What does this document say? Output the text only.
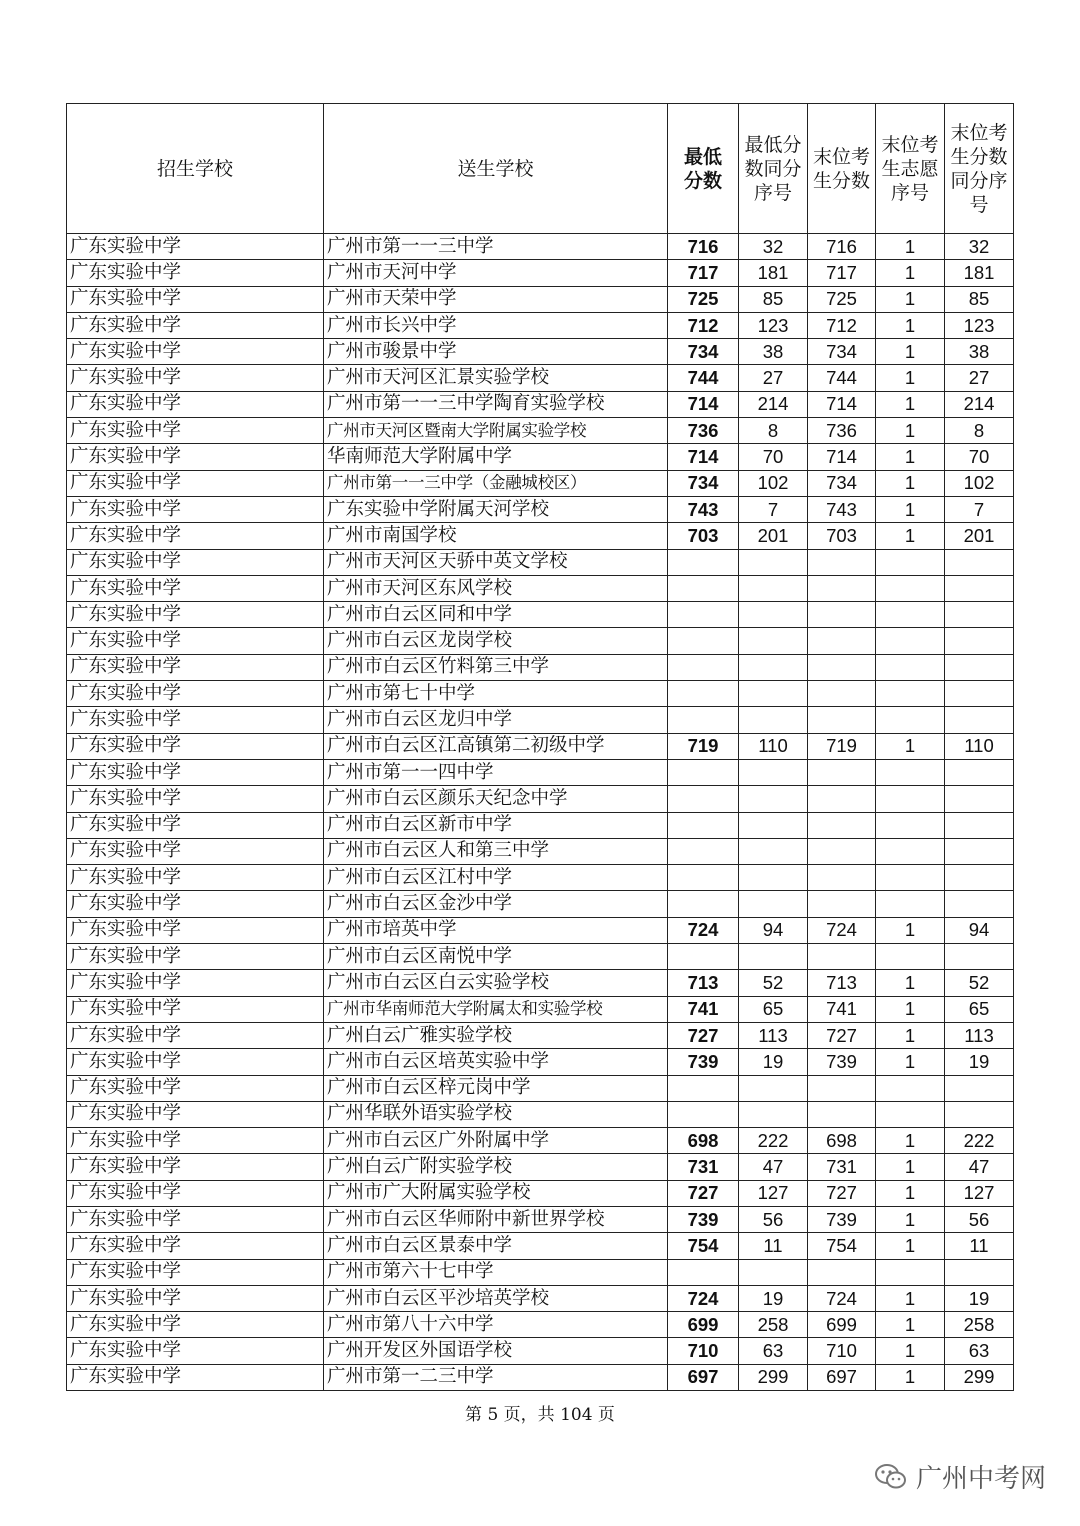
招生学校	送生学校	最低分数	最低分数同分序号	末位考生分数	末位考生志愿序号	末位考生分数同分序号

广东实验中学	广州市第一一三中学	716	32	716	1	32
广东实验中学	广州市天河中学	717	181	717	1	181
广东实验中学	广州市天荣中学	725	85	725	1	85
广东实验中学	广州市长兴中学	712	123	712	1	123
广东实验中学	广州市骏景中学	734	38	734	1	38
广东实验中学	广州市天河区汇景实验学校	744	27	744	1	27
广东实验中学	广州市第一一三中学陶育实验学校	714	214	714	1	214
广东实验中学	广州市天河区暨南大学附属实验学校	736	8	736	1	8
广东实验中学	华南师范大学附属中学	714	70	714	1	70
广东实验中学	广州市第一一三中学（金融城校区）	734	102	734	1	102
广东实验中学	广东实验中学附属天河学校	743	7	743	1	7
广东实验中学	广州市南国学校	703	201	703	1	201
广东实验中学	广州市天河区天骄中英文学校					
广东实验中学	广州市天河区东风学校					
广东实验中学	广州市白云区同和中学					
广东实验中学	广州市白云区龙岗学校					
广东实验中学	广州市白云区竹料第三中学					
广东实验中学	广州市第七十中学					
广东实验中学	广州市白云区龙归中学					
广东实验中学	广州市白云区江高镇第二初级中学	719	110	719	1	110
广东实验中学	广州市第一一四中学					
广东实验中学	广州市白云区颜乐天纪念中学					
广东实验中学	广州市白云区新市中学					
广东实验中学	广州市白云区人和第三中学					
广东实验中学	广州市白云区江村中学					
广东实验中学	广州市白云区金沙中学					
广东实验中学	广州市培英中学	724	94	724	1	94
广东实验中学	广州市白云区南悦中学					
广东实验中学	广州市白云区白云实验学校	713	52	713	1	52
广东实验中学	广州市华南师范大学附属太和实验学校	741	65	741	1	65
广东实验中学	广州白云广雅实验学校	727	113	727	1	113
广东实验中学	广州市白云区培英实验中学	739	19	739	1	19
广东实验中学	广州市白云区梓元岗中学					
广东实验中学	广州华联外语实验学校					
广东实验中学	广州市白云区广外附属中学	698	222	698	1	222
广东实验中学	广州白云广附实验学校	731	47	731	1	47
广东实验中学	广州市广大附属实验学校	727	127	727	1	127
广东实验中学	广州市白云区华师附中新世界学校	739	56	739	1	56
广东实验中学	广州市白云区景泰中学	754	11	754	1	11
广东实验中学	广州市第六十七中学					
广东实验中学	广州市白云区平沙培英学校	724	19	724	1	19
广东实验中学	广州市第八十六中学	699	258	699	1	258
广东实验中学	广州开发区外国语学校	710	63	710	1	63
广东实验中学	广州市第一二三中学	697	299	697	1	299
第 5 页，共 104 页
广州中考网
